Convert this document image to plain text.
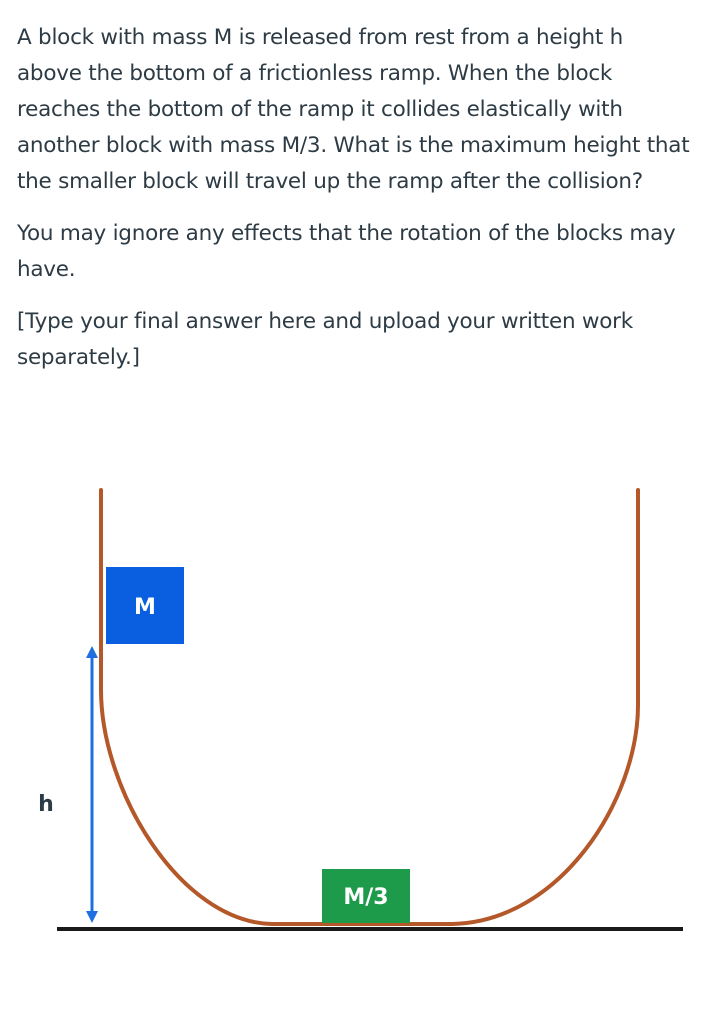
A block with mass M is released from rest from a height h above the bottom of a frictionless ramp. When the block reaches the bottom of the ramp it collides elastically with another block with mass M/3. What is the maximum height that the smaller block will travel up the ramp after the collision?

You may ignore any effects that the rotation of the blocks may have.

[Type your final answer here and upload your written work separately.]

h
M
M/3
